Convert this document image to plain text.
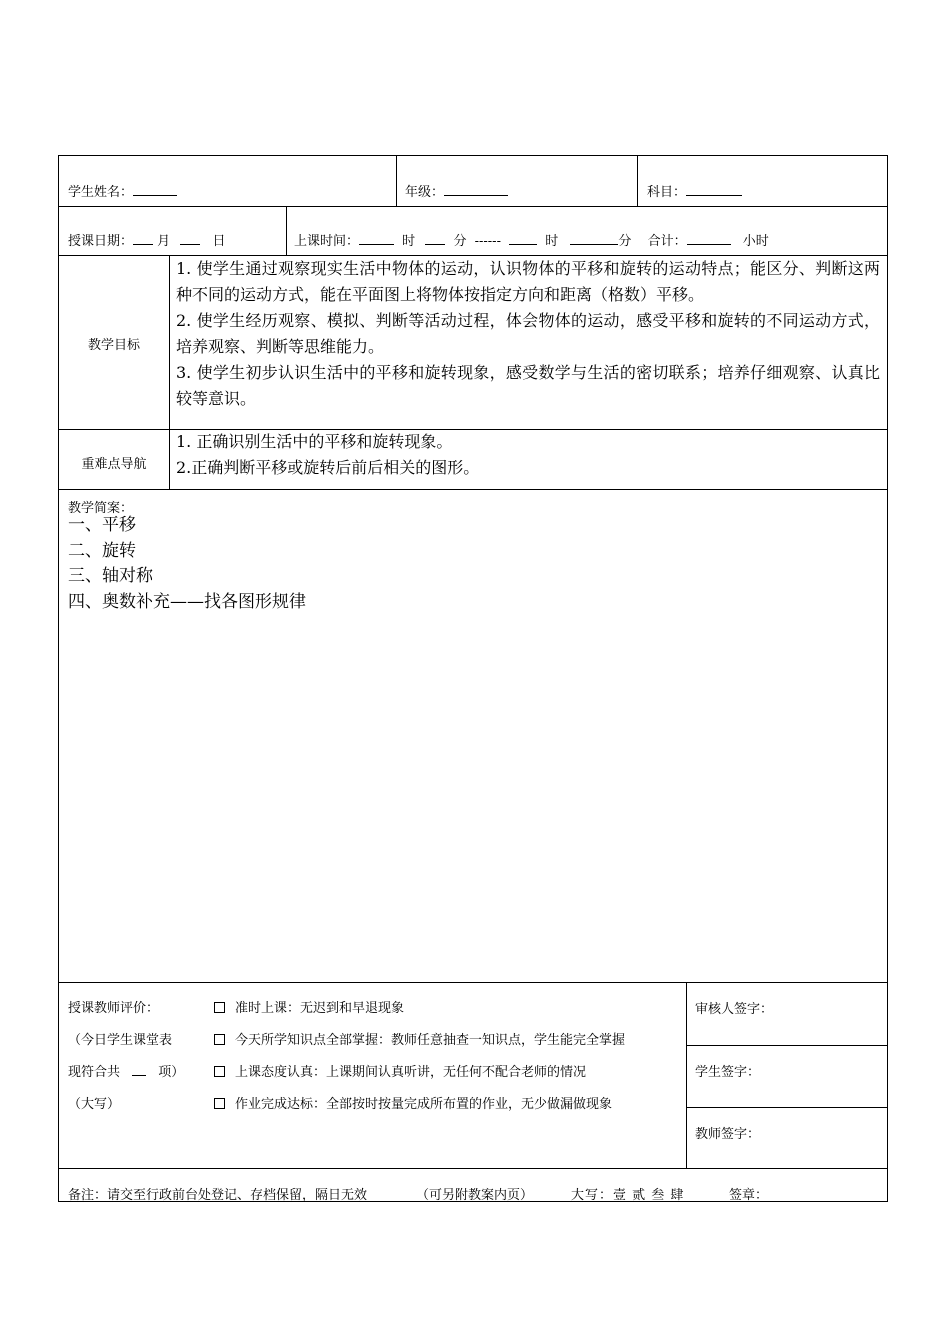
学生姓名：	年级：	科目：
授课日期： 月	日	上课时间：	时	分 ------	时	分 合计：	小时
教学目标
1. 使学生通过观察现实生活中物体的运动，认识物体的平移和旋转的运动特点；能区分、判断这两种不同的运动方式，能在平面图上将物体按指定方向和距离（格数）平移。
2. 使学生经历观察、模拟、判断等活动过程，体会物体的运动，感受平移和旋转的不同运动方式，培养观察、判断等思维能力。
3. 使学生初步认识生活中的平移和旋转现象，感受数学与生活的密切联系；培养仔细观察、认真比较等意识。
重难点导航
1. 正确识别生活中的平移和旋转现象。
2.正确判断平移或旋转后前后相关的图形。
教学简案：
一、平移
二、旋转
三、轴对称
四、奥数补充——找各图形规律
授课教师评价：
（今日学生课堂表
现符合共	项）
（大写）
准时上课：无迟到和早退现象
今天所学知识点全部掌握：教师任意抽查一知识点，学生能完全掌握
上课态度认真：上课期间认真听讲，无任何不配合老师的情况
作业完成达标：全部按时按量完成所布置的作业，无少做漏做现象
审核人签字：
学生签字：
教师签字：
备注：请交至行政前台处登记、存档保留，隔日无效	（可另附教案内页）	大写：壹 贰 叁 肆	签章：
